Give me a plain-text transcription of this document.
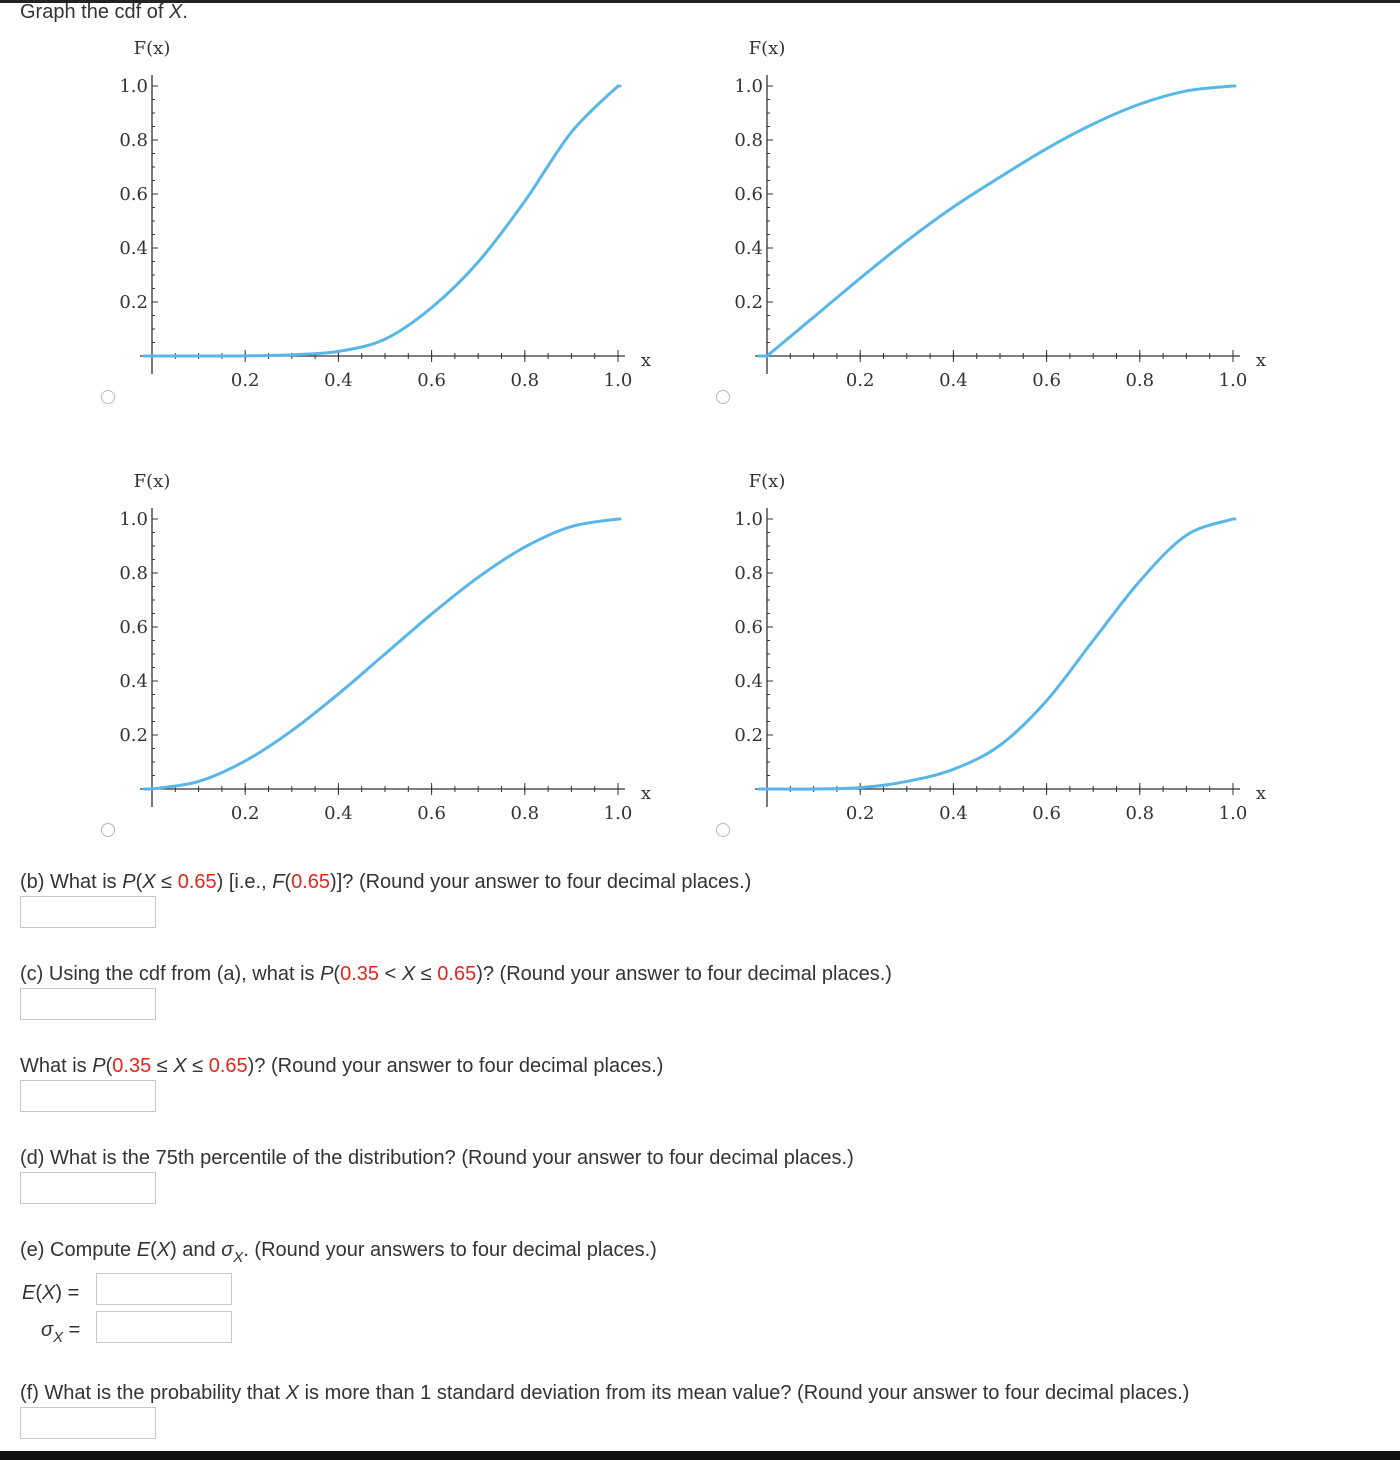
Graph the cdf of X.
0.2	0.4	0.6	0.8	1.0
0.2
0.4
0.6
0.8
1.0
F(x)
x
0.2	0.4	0.6	0.8	1.0
0.2
0.4
0.6
0.8
1.0
F(x)
x
0.2	0.4	0.6	0.8	1.0
0.2
0.4
0.6
0.8
1.0
F(x)
x
0.2	0.4	0.6	0.8	1.0
0.2
0.4
0.6
0.8
1.0
F(x)
x
(b) What is P(X ≤ 0.65) [i.e., F(0.65)]? (Round your answer to four decimal places.)
(c) Using the cdf from (a), what is P(0.35 < X ≤ 0.65)? (Round your answer to four decimal places.)
What is P(0.35 ≤ X ≤ 0.65)? (Round your answer to four decimal places.)
(d) What is the 75th percentile of the distribution? (Round your answer to four decimal places.)
(e) Compute E(X) and $\sigma_X$. (Round your answers to four decimal places.)
E(X) =
$\sigma_X$ =
(f) What is the probability that X is more than 1 standard deviation from its mean value? (Round your answer to four decimal places.)
